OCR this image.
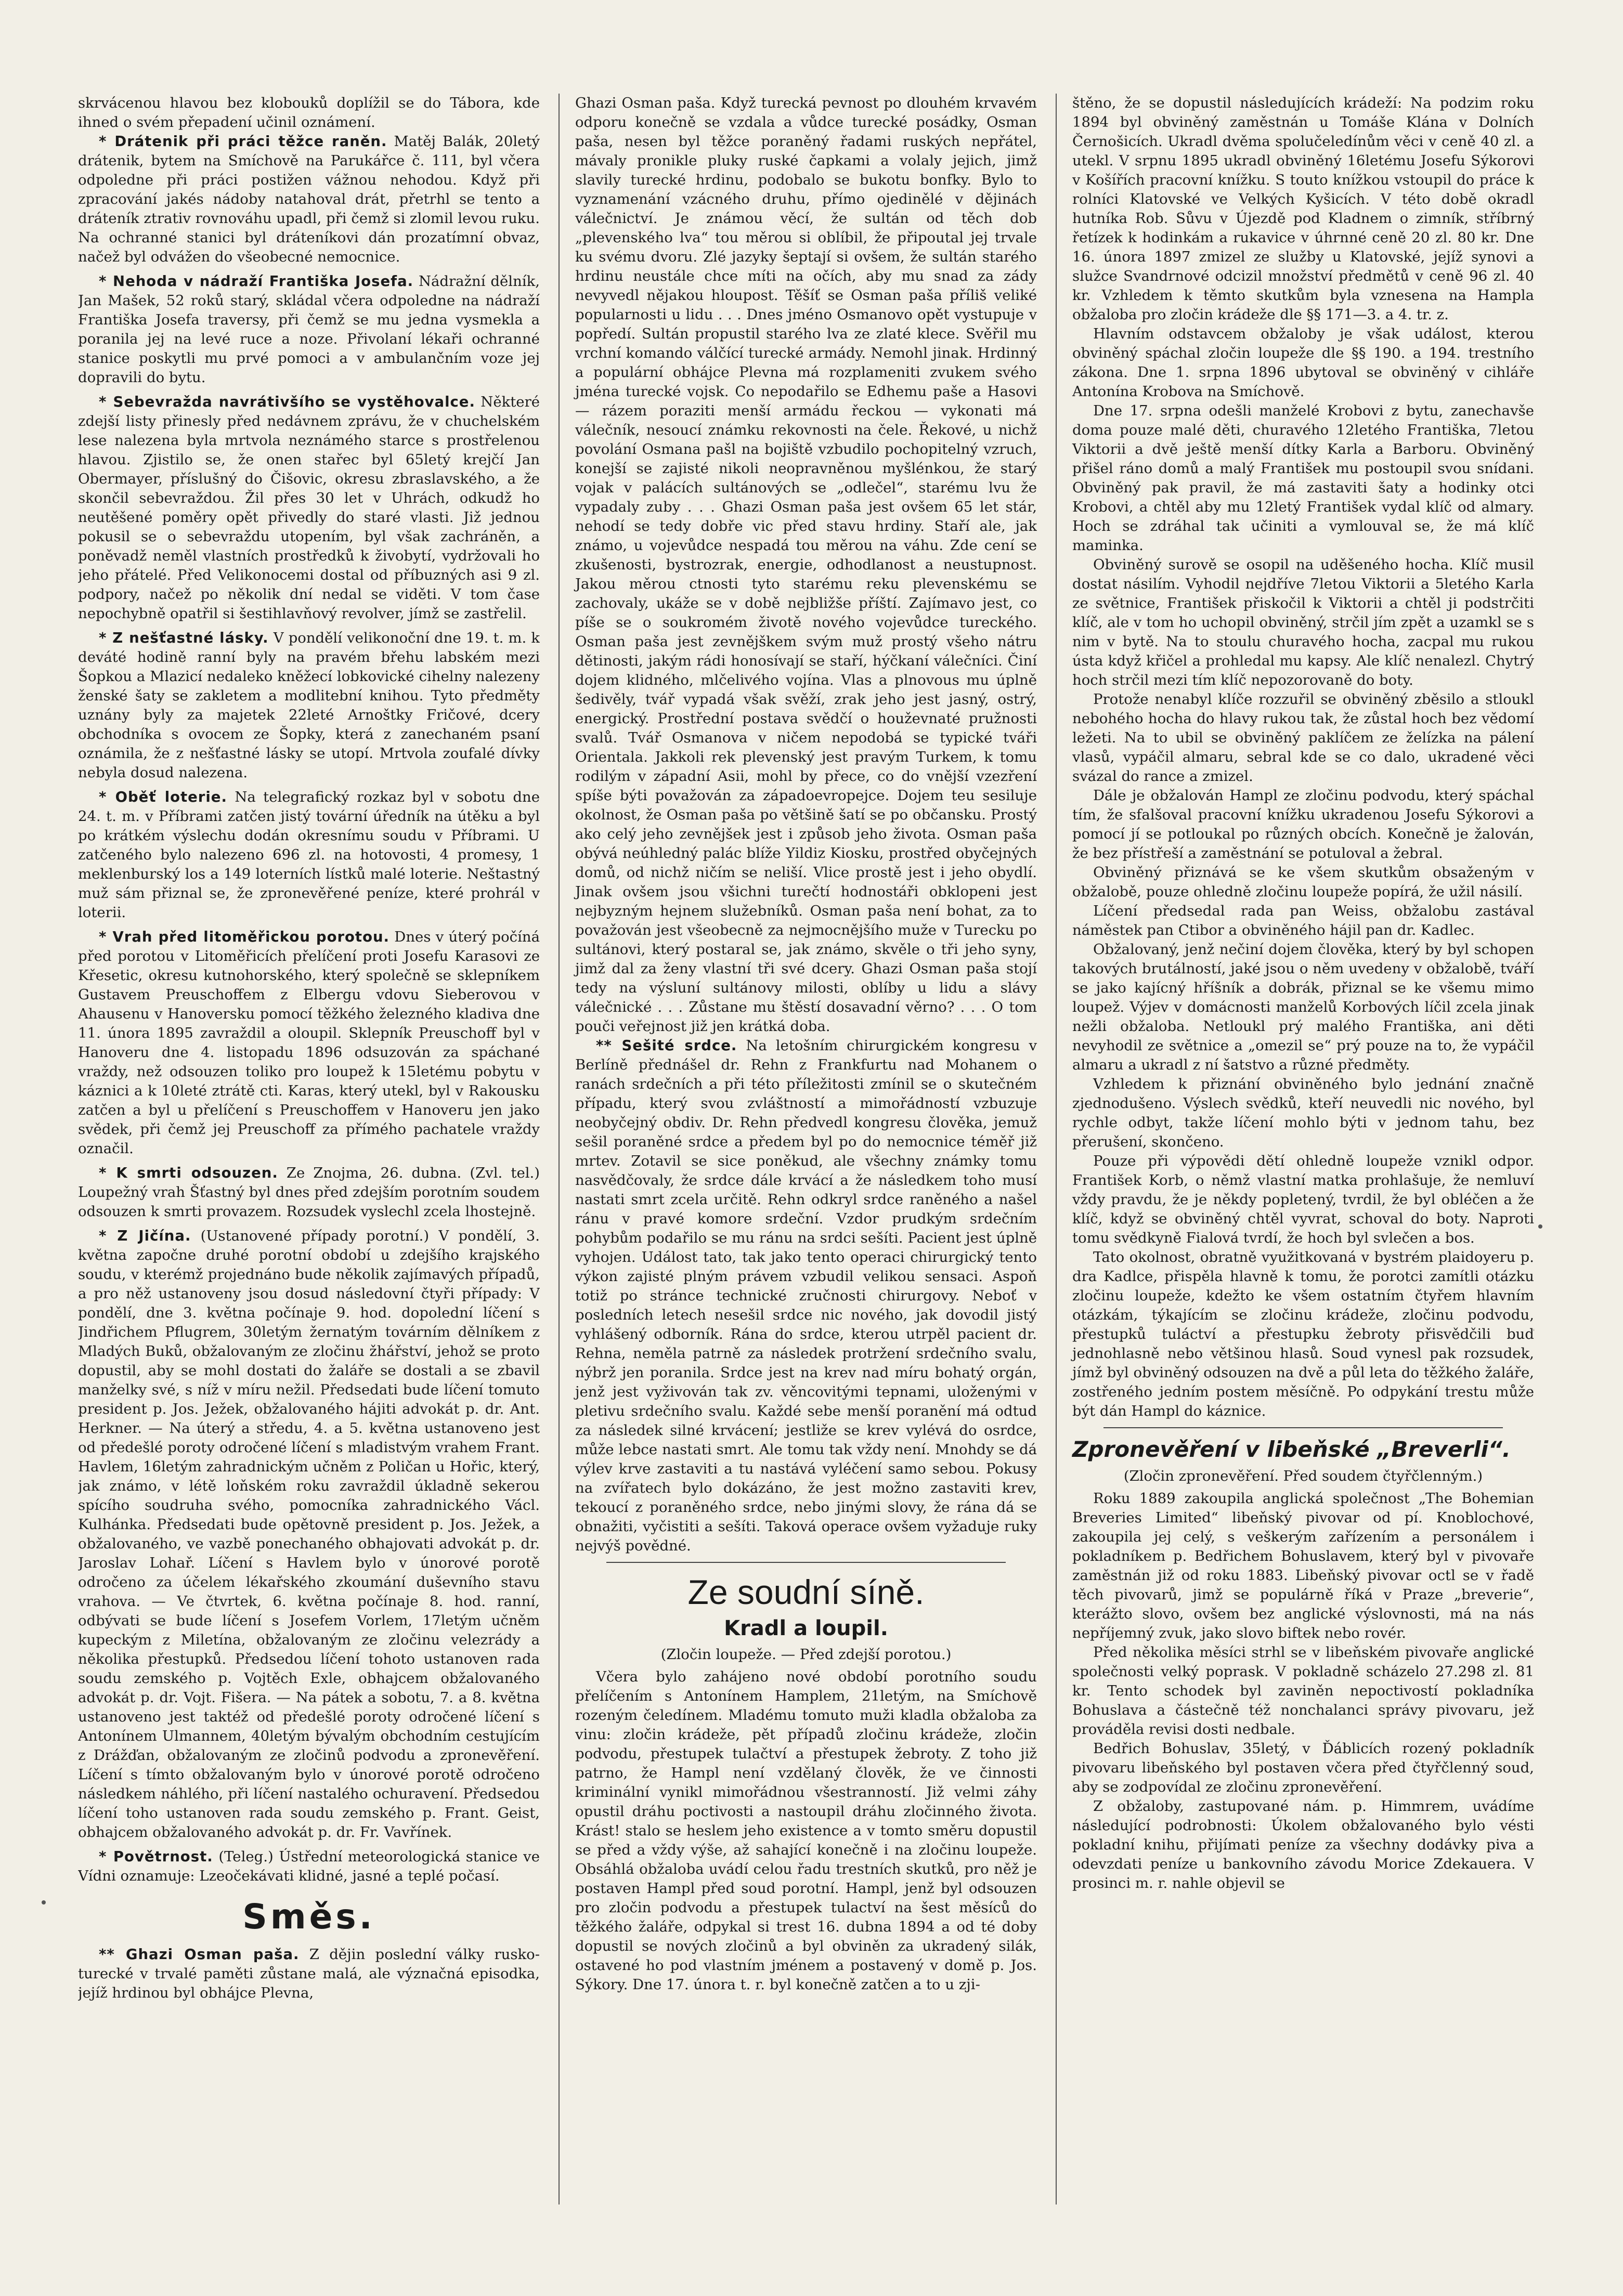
skrvácenou hlavou bez klobouků doplížil se do Tábora, kde ihned o svém přepadení učinil oznámení.

* Drátenik při práci těžce raněn. Matěj Balák, 20letý drátenik, bytem na Smíchově na Parukářce č. 111, byl včera odpoledne při práci postižen vážnou nehodou. Když při zpracování jakés nádoby natahoval drát, přetrhl se tento a dráteník ztrativ rovnováhu upadl, při čemž si zlomil levou ruku. Na ochranné stanici byl dráteníkovi dán prozatímní obvaz, načež byl odvážen do všeobecné nemocnice.

* Nehoda v nádraží Františka Josefa. Nádražní dělník, Jan Mašek, 52 roků starý, skládal včera odpoledne na nádraží Františka Josefa traversy, při čemž se mu jedna vysmekla a poranila jej na levé ruce a noze. Přivolaní lékaři ochranné stanice poskytli mu prvé pomoci a v ambulančním voze jej dopravili do bytu.

* Sebevražda navrátivšího se vystěhovalce. Některé zdejší listy přinesly před nedávnem zprávu, že v chuchelském lese nalezena byla mrtvola neznámého starce s prostřelenou hlavou. Zjistilo se, že onen stařec byl 65letý krejčí Jan Obermayer, příslušný do Čišovic, okresu zbraslavského, a že skončil sebevraždou. Žil přes 30 let v Uhrách, odkudž ho neutěšené poměry opět přivedly do staré vlasti. Již jednou pokusil se o sebevraždu utopením, byl však zachráněn, a poněvadž neměl vlastních prostředků k živobytí, vydržovali ho jeho přátelé. Před Velikonocemi dostal od příbuzných asi 9 zl. podpory, načež po několik dní nedal se viděti. V tom čase nepochybně opatřil si šestihlavňový revolver, jímž se zastřelil.

* Z nešťastné lásky. V pondělí velikonoční dne 19. t. m. k deváté hodině ranní byly na pravém břehu labském mezi Šopkou a Mlazicí nedaleko kněžecí lobkovické cihelny nalezeny ženské šaty se zakletem a modlitební knihou. Tyto předměty uznány byly za majetek 22leté Arnoštky Fričové, dcery obchodníka s ovocem ze Šopky, která z zanechaném psaní oznámila, že z nešťastné lásky se utopí. Mrtvola zoufalé dívky nebyla dosud nalezena.

* Oběť loterie. Na telegrafický rozkaz byl v sobotu dne 24. t. m. v Příbrami zatčen jistý tovární úředník na útěku a byl po krátkém výslechu dodán okresnímu soudu v Příbrami. U zatčeného bylo nalezeno 696 zl. na hotovosti, 4 promesy, 1 meklenburský los a 149 loterních lístků malé loterie. Neštastný muž sám přiznal se, že zpronevěřené peníze, které prohrál v loterii.

* Vrah před litoměřickou porotou. Dnes v úterý počíná před porotou v Litoměřicích přelíčení proti Josefu Karasovi ze Křesetic, okresu kutnohorského, který společně se sklepníkem Gustavem Preuschoffem z Elbergu vdovu Sieberovou v Ahausenu v Hanoversku pomocí těžkého železného kladiva dne 11. února 1895 zavraždil a oloupil. Sklepník Preuschoff byl v Hanoveru dne 4. listopadu 1896 odsuzován za spáchané vraždy, než odsouzen toliko pro loupež k 15letému pobytu v káznici a k 10leté ztrátě cti. Karas, který utekl, byl v Rakousku zatčen a byl u přelíčení s Preuschoffem v Hanoveru jen jako svědek, při čemž jej Preuschoff za přímého pachatele vraždy označil.

* K smrti odsouzen. Ze Znojma, 26. dubna. (Zvl. tel.) Loupežný vrah Šťastný byl dnes před zdejším porotním soudem odsouzen k smrti provazem. Rozsudek vyslechl zcela lhostejně.

* Z Jičína. (Ustanovené případy porotní.) V pondělí, 3. května započne druhé porotní období u zdejšího krajského soudu, v kterémž projednáno bude několik zajímavých případů, a pro něž ustanoveny jsou dosud následovní čtyři případy: V pondělí, dne 3. května počínaje 9. hod. dopolední líčení s Jindřichem Pflugrem, 30letým žernatým továrním dělníkem z Mladých Buků, obžalovaným ze zločinu žhářství, jehož se proto dopustil, aby se mohl dostati do žaláře se dostali a se zbavil manželky své, s níž v míru nežil. Předsedati bude líčení tomuto president p. Jos. Ježek, obžalovaného hájiti advokát p. dr. Ant. Herkner. — Na úterý a středu, 4. a 5. května ustanoveno jest od předešlé poroty odročené líčení s mladistvým vrahem Frant. Havlem, 16letým zahradnickým učněm z Poličan u Hořic, který, jak známo, v létě loňském roku zavraždil úkladně sekerou spícího soudruha svého, pomocníka zahradnického Václ. Kulhánka. Předsedati bude opětovně president p. Jos. Ježek, a obžalovaného, ve vazbě ponechaného obhajovati advokát p. dr. Jaroslav Lohař. Líčení s Havlem bylo v únorové porotě odročeno za účelem lékařského zkoumání duševního stavu vrahova. — Ve čtvrtek, 6. května počínaje 8. hod. ranní, odbývati se bude líčení s Josefem Vorlem, 17letým učněm kupeckým z Miletína, obžalovaným ze zločinu velezrády a několika přestupků. Předsedou líčení tohoto ustanoven rada soudu zemského p. Vojtěch Exle, obhajcem obžalovaného advokát p. dr. Vojt. Fišera. — Na pátek a sobotu, 7. a 8. května ustanoveno jest taktéž od předešlé poroty odročené líčení s Antonínem Ulmannem, 40letým bývalým obchodním cestujícím z Drážďan, obžalovaným ze zločinů podvodu a zpronevěření. Líčení s tímto obžalovaným bylo v únorové porotě odročeno následkem náhlého, při líčení nastalého ochuravení. Předsedou líčení toho ustanoven rada soudu zemského p. Frant. Geist, obhajcem obžalovaného advokát p. dr. Fr. Vavřínek.

* Povětrnost. (Teleg.) Ústřední meteorologická stanice ve Vídni oznamuje: Lzeočekávati klidné, jasné a teplé počasí.

Směs.

** Ghazi Osman paša. Z dějin poslední války rusko-turecké v trvalé paměti zůstane malá, ale význačná episodka, jejíž hrdinou byl obhájce Plevna,

Ghazi Osman paša. Když turecká pevnost po dlouhém krvavém odporu konečně se vzdala a vůdce turecké posádky, Osman paša, nesen byl těžce poraněný řadami ruských nepřátel, mávaly pronikle pluky ruské čapkami a volaly jejich, jimž slavily turecké hrdinu, podobalo se bukotu bonfky. Bylo to vyznamenání vzácného druhu, přímo ojedinělé v dějinách válečnictví. Je známou věcí, že sultán od těch dob „plevenského lva“ tou měrou si oblíbil, že připoutal jej trvale ku svému dvoru. Zlé jazyky šeptají si ovšem, že sultán starého hrdinu neustále chce míti na očích, aby mu snad za zády nevyvedl nějakou hloupost. Těšíť se Osman paša příliš veliké popularnosti u lidu . . . Dnes jméno Osmanovo opět vystupuje v popředí. Sultán propustil starého lva ze zlaté klece. Svěřil mu vrchní komando válčící turecké armády. Nemohl jinak. Hrdinný a populární obhájce Plevna má rozplameniti zvukem svého jména turecké vojsk. Co nepodařilo se Edhemu paše a Hasovi — rázem poraziti menší armádu řeckou — vykonati má válečník, nesoucí známku rekovnosti na čele. Řekové, u nichž povolání Osmana pašl na bojiště vzbudilo pochopitelný vzruch, konejší se zajisté nikoli neopravněnou myšlénkou, že starý vojak v palácích sultánových se „odlečel“, starému lvu že vypadaly zuby . . . Ghazi Osman paša jest ovšem 65 let stár, nehodí se tedy dobře vic před stavu hrdiny. Staří ale, jak známo, u vojevůdce nespadá tou měrou na váhu. Zde cení se zkušenosti, bystrozrak, energie, odhodlanost a neustupnost. Jakou měrou ctnosti tyto starému reku plevenskému se zachovaly, ukáže se v době nejbližše příští. Zajímavo jest, co píše se o soukromém životě nového vojevůdce tureckého. Osman paša jest zevnějškem svým muž prostý všeho nátru dětinosti, jakým rádi honosívají se staří, hýčkaní válečníci. Činí dojem klidného, mlčelivého vojína. Vlas a plnovous mu úplně šedivěly, tvář vypadá však svěží, zrak jeho jest jasný, ostrý, energický. Prostřední postava svědčí o houževnaté pružnosti svalů. Tvář Osmanova v ničem nepodobá se typické tváři Orientala. Jakkoli rek plevenský jest pravým Turkem, k tomu rodilým v západní Asii, mohl by přece, co do vnější vzezření spíše býti považován za západoevropejce. Dojem teu sesiluje okolnost, že Osman paša po většině šatí se po občansku. Prostý ako celý jeho zevnějšek jest i způsob jeho života. Osman paša obývá neúhledný palác blíže Yildiz Kiosku, prostřed obyčejných domů, od nichž ničím se neliší. Vlice prostě jest i jeho obydlí. Jinak ovšem jsou všichni turečtí hodnostáři obklopeni jest nejbyzným hejnem služebníků. Osman paša není bohat, za to považován jest všeobecně za nejmocnějšího muže v Turecku po sultánovi, který postaral se, jak známo, skvěle o tři jeho syny, jimž dal za ženy vlastní tři své dcery. Ghazi Osman paša stojí tedy na výsluní sultánovy milosti, oblíby u lidu a slávy válečnické . . . Zůstane mu štěstí dosavadní věrno? . . . O tom pouči veřejnost již jen krátká doba.

** Sešité srdce. Na letošním chirurgickém kongresu v Berlíně přednášel dr. Rehn z Frankfurtu nad Mohanem o ranách srdečních a při této příležitosti zmínil se o skutečném případu, který svou zvláštností a mimořádností vzbuzuje neobyčejný obdiv. Dr. Rehn předvedl kongresu člověka, jemuž sešil poraněné srdce a předem byl po do nemocnice téměř již mrtev. Zotavil se sice poněkud, ale všechny známky tomu nasvědčovaly, že srdce dále krvácí a že následkem toho musí nastati smrt zcela určitě. Rehn odkryl srdce raněného a našel ránu v pravé komore srdeční. Vzdor prudkým srdečním pohybům podařilo se mu ránu na srdci sešíti. Pacient jest úplně vyhojen. Událost tato, tak jako tento operaci chirurgický tento výkon zajisté plným právem vzbudil velikou sensaci. Aspoň totiž po stránce technické zručnosti chirurgovy. Neboť v posledních letech nesešil srdce nic nového, jak dovodil jistý vyhlášený odborník. Rána do srdce, kterou utrpěl pacient dr. Rehna, neměla patrně za následek protržení srdečního svalu, nýbrž jen poranila. Srdce jest na krev nad míru bohatý orgán, jenž jest vyživován tak zv. věncovitými tepnami, uloženými v pletivu srdečního svalu. Každé sebe menší poranění má odtud za následek silné krvácení; jestliže se krev vylévá do osrdce, může lebce nastati smrt. Ale tomu tak vždy není. Mnohdy se dá výlev krve zastaviti a tu nastává vyléčení samo sebou. Pokusy na zvířatech bylo dokázáno, že jest možno zastaviti krev, tekoucí z poraněného srdce, nebo jinými slovy, že rána dá se obnažiti, vyčistiti a sešíti. Taková operace ovšem vyžaduje ruky nejvýš povědné.

Ze soudní síně.
Kradl a loupil.
(Zločin loupeže. — Před zdejší porotou.)

Včera bylo zahájeno nové období porotního soudu přelíčením s Antonínem Hamplem, 21letým, na Smíchově rozeným čeledínem. Mladému tomuto muži kladla obžaloba za vinu: zločin krádeže, pět případů zločinu krádeže, zločin podvodu, přestupek tulačtví a přestupek žebroty. Z toho již patrno, že Hampl není vzdělaný člověk, že ve činnosti kriminální vynikl mimořádnou všestranností. Již velmi záhy opustil dráhu poctivosti a nastoupil dráhu zločinného života. Krást! stalo se heslem jeho existence a v tomto směru dopustil se před a vždy výše, až sahající konečně i na zločinu loupeže. Obsáhlá obžaloba uvádí celou řadu trestních skutků, pro něž je postaven Hampl před soud porotní. Hampl, jenž byl odsouzen pro zločin podvodu a přestupek tulactví na šest měsíců do těžkého žaláře, odpykal si trest 16. dubna 1894 a od té doby dopustil se nových zločinů a byl obviněn za ukradený silák, ostavené ho pod vlastním jménem a postavený v domě p. Jos. Sýkory. Dne 17. února t. r. byl konečně zatčen a to u zji-

štěno, že se dopustil následujících krádeží: Na podzim roku 1894 byl obviněný zaměstnán u Tomáše Klána v Dolních Černošicích. Ukradl dvěma spolučeledínům věci v ceně 40 zl. a utekl. V srpnu 1895 ukradl obviněný 16letému Josefu Sýkorovi v Košířích pracovní knížku. S touto knížkou vstoupil do práce k rolníci Klatovské ve Velkých Kyšicích. V této době okradl hutníka Rob. Sůvu v Újezdě pod Kladnem o zimník, stříbrný řetízek k hodinkám a rukavice v úhrnné ceně 20 zl. 80 kr. Dne 16. února 1897 zmizel ze služby u Klatovské, jejíž synovi a služce Svandrnové odcizil množství předmětů v ceně 96 zl. 40 kr. Vzhledem k těmto skutkům byla vznesena na Hampla obžaloba pro zločin krádeže dle §§ 171—3. a 4. tr. z.

Hlavním odstavcem obžaloby je však událost, kterou obviněný spáchal zločin loupeže dle §§ 190. a 194. trestního zákona. Dne 1. srpna 1896 ubytoval se obviněný v cihláře Antonína Krobova na Smíchově.

Dne 17. srpna odešli manželé Krobovi z bytu, zanechavše doma pouze malé děti, churavého 12letého Františka, 7letou Viktorii a dvě ještě menší dítky Karla a Barboru. Obviněný přišel ráno domů a malý František mu postoupil svou snídani. Obviněný pak pravil, že má zastaviti šaty a hodinky otci Krobovi, a chtěl aby mu 12letý František vydal klíč od almary. Hoch se zdráhal tak učiniti a vymlouval se, že má klíč maminka.

Obviněný surově se osopil na uděšeného hocha. Klíč musil dostat násilím. Vyhodil nejdříve 7letou Viktorii a 5letého Karla ze světnice, František přiskočil k Viktorii a chtěl ji podstrčiti klíč, ale v tom ho uchopil obviněný, strčil jím zpět a uzamkl se s nim v bytě. Na to stoulu churavého hocha, zacpal mu rukou ústa když křičel a prohledal mu kapsy. Ale klíč nenalezl. Chytrý hoch strčil mezi tím klíč nepozorovaně do boty.

Protože nenabyl klíče rozzuřil se obviněný zběsilo a stloukl nebohého hocha do hlavy rukou tak, že zůstal hoch bez vědomí ležeti. Na to ubil se obviněný paklíčem ze želízka na pálení vlasů, vypáčil almaru, sebral kde se co dalo, ukradené věci svázal do rance a zmizel.

Dále je obžalován Hampl ze zločinu podvodu, který spáchal tím, že sfalšoval pracovní knížku ukradenou Josefu Sýkorovi a pomocí jí se potloukal po různých obcích. Konečně je žalován, že bez přístřeší a zaměstnání se potuloval a žebral.

Obviněný přiznává se ke všem skutkům obsaženým v obžalobě, pouze ohledně zločinu loupeže popírá, že užil násilí.

Líčení předsedal rada pan Weiss, obžalobu zastával náměstek pan Ctibor a obviněného hájil pan dr. Kadlec.

Obžalovaný, jenž nečiní dojem člověka, který by byl schopen takových brutálností, jaké jsou o něm uvedeny v obžalobě, tváří se jako kajícný hříšník a dobrák, přiznal se ke všemu mimo loupež. Výjev v domácnosti manželů Korbových líčil zcela jinak nežli obžaloba. Netloukl prý malého Františka, ani děti nevyhodil ze světnice a „omezil se“ prý pouze na to, že vypáčil almaru a ukradl z ní šatstvo a různé předměty.

Vzhledem k přiznání obviněného bylo jednání značně zjednodušeno. Výslech svědků, kteří neuvedli nic nového, byl rychle odbyt, takže líčení mohlo býti v jednom tahu, bez přerušení, skončeno.

Pouze při výpovědi dětí ohledně loupeže vznikl odpor. František Korb, o němž vlastní matka prohlašuje, že nemluví vždy pravdu, že je někdy popletený, tvrdil, že byl obléčen a že klíč, když se obviněný chtěl vyvrat, schoval do boty. Naproti tomu svědkyně Fialová tvrdí, že hoch byl svlečen a bos.

Tato okolnost, obratně využitkovaná v bystrém plaidoyeru p. dra Kadlce, přispěla hlavně k tomu, že porotci zamítli otázku zločinu loupeže, kdežto ke všem ostatním čtyřem hlavním otázkám, týkajícím se zločinu krádeže, zločinu podvodu, přestupků tuláctví a přestupku žebroty přisvědčili buď jednohlasně nebo většinou hlasů. Soud vynesl pak rozsudek, jímž byl obviněný odsouzen na dvě a půl leta do těžkého žaláře, zostřeného jedním postem měsíčně. Po odpykání trestu může být dán Hampl do káznice.

Zpronevěření v libeňské „Breverli“.
(Zločin zpronevěření. Před soudem čtyřčlenným.)

Roku 1889 zakoupila anglická společnost „The Bohemian Breveries Limited“ libeňský pivovar od pí. Knoblochové, zakoupila jej celý, s veškerým zařízením a personálem i pokladníkem p. Bedřichem Bohuslavem, který byl v pivovaře zaměstnán již od roku 1883. Libeňský pivovar octl se v řadě těch pivovarů, jimž se populárně říká v Praze „breverie“, kterážto slovo, ovšem bez anglické výslovnosti, má na nás nepříjemný zvuk, jako slovo biftek nebo rovér.

Před několika měsíci strhl se v libeňském pivovaře anglické společnosti velký poprask. V pokladně scházelo 27.298 zl. 81 kr. Tento schodek byl zaviněn nepoctivostí pokladníka Bohuslava a částečně též nonchalanci správy pivovaru, jež prováděla revisi dosti nedbale.

Bedřich Bohuslav, 35letý, v Ďáblicích rozený pokladník pivovaru libeňského byl postaven včera před čtyřčlenný soud, aby se zodpovídal ze zločinu zpronevěření.

Z obžaloby, zastupované nám. p. Himmrem, uvádíme následující podrobnosti: Úkolem obžalovaného bylo vésti pokladní knihu, přijímati peníze za všechny dodávky piva a odevzdati peníze u bankovního závodu Morice Zdekauera. V prosinci m. r. nahle objevil se
